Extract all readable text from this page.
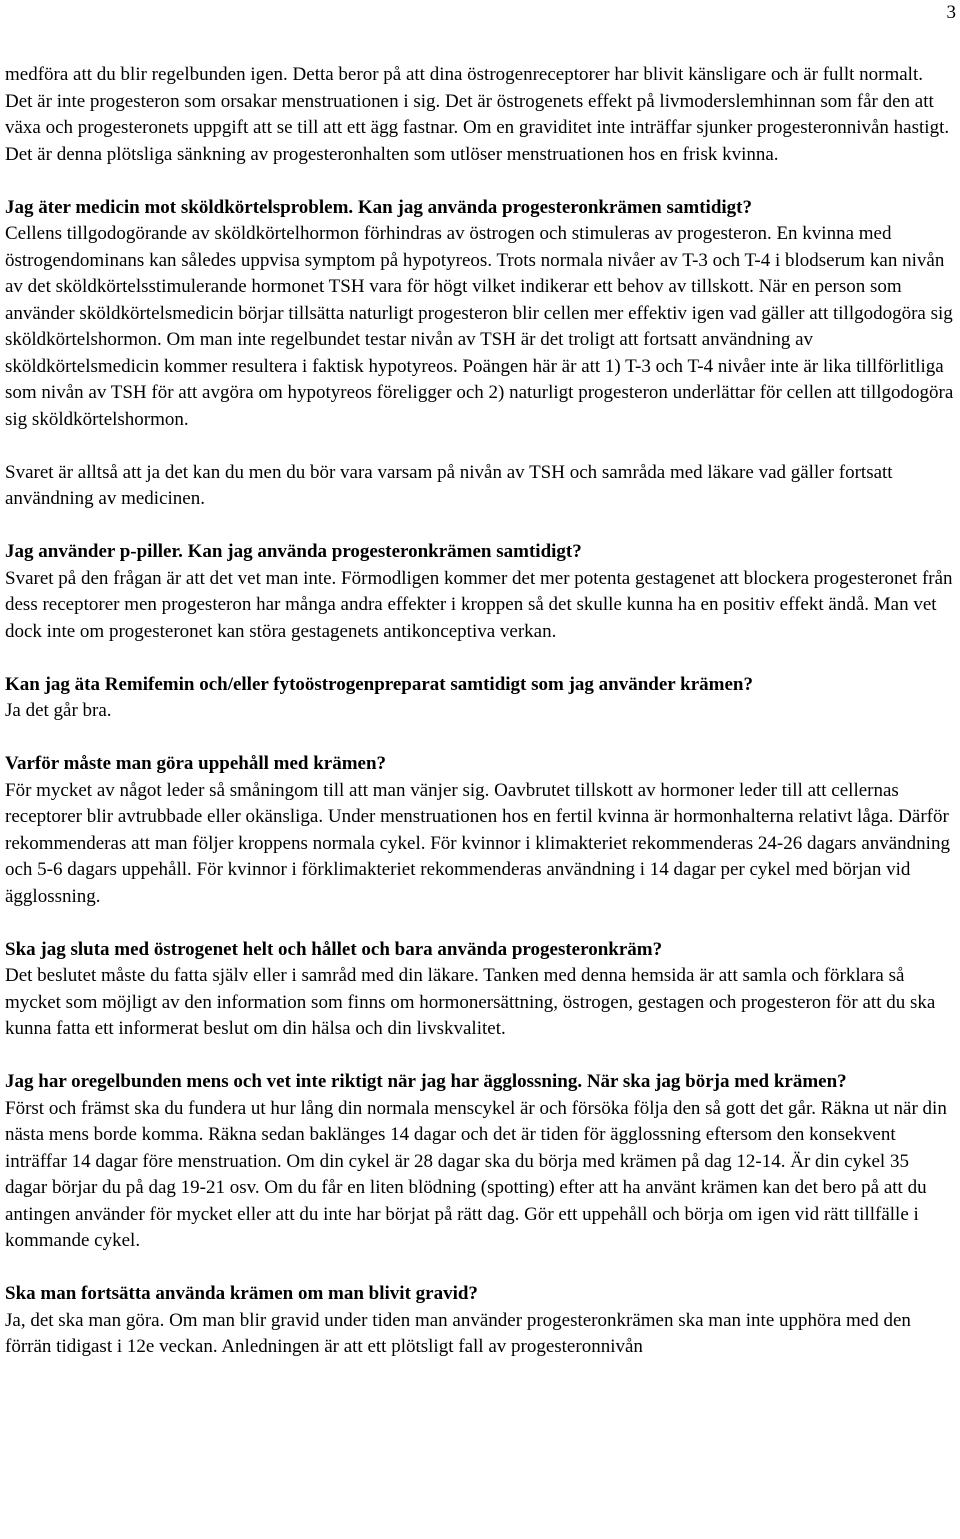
3

medföra att du blir regelbunden igen. Detta beror på att dina östrogenreceptorer har blivit känsligare och är fullt normalt. Det är inte progesteron som orsakar menstruationen i sig. Det är östrogenets effekt på livmoderslemhinnan som får den att växa och progesteronets uppgift att se till att ett ägg fastnar. Om en graviditet inte inträffar sjunker progesteronnivån hastigt. Det är denna plötsliga sänkning av progesteronhalten som utlöser menstruationen hos en frisk kvinna.

Jag äter medicin mot sköldkörtelsproblem. Kan jag använda progesteronkrämen samtidigt?

Cellens tillgodogörande av sköldkörtelhormon förhindras av östrogen och stimuleras av progesteron. En kvinna med östrogendominans kan således uppvisa symptom på hypotyreos. Trots normala nivåer av T-3 och T-4 i blodserum kan nivån av det sköldkörtelsstimulerande hormonet TSH vara för högt vilket indikerar ett behov av tillskott. När en person som använder sköldkörtelsmedicin börjar tillsätta naturligt progesteron blir cellen mer effektiv igen vad gäller att tillgodogöra sig sköldkörtelshormon. Om man inte regelbundet testar nivån av TSH är det troligt att fortsatt användning av sköldkörtelsmedicin kommer resultera i faktisk hypotyreos. Poängen här är att 1) T-3 och T-4 nivåer inte är lika tillförlitliga som nivån av TSH för att avgöra om hypotyreos föreligger och 2) naturligt progesteron underlättar för cellen att tillgodogöra sig sköldkörtelshormon.

Svaret är alltså att ja det kan du men du bör vara varsam på nivån av TSH och samråda med läkare vad gäller fortsatt användning av medicinen.

Jag använder p-piller. Kan jag använda progesteronkrämen samtidigt?

Svaret på den frågan är att det vet man inte. Förmodligen kommer det mer potenta gestagenet att blockera progesteronet från dess receptorer men progesteron har många andra effekter i kroppen så det skulle kunna ha en positiv effekt ändå. Man vet dock inte om progesteronet kan störa gestagenets antikonceptiva verkan.

Kan jag äta Remifemin och/eller fytoöstrogenpreparat samtidigt som jag använder krämen?

Ja det går bra.

Varför måste man göra uppehåll med krämen?

För mycket av något leder så småningom till att man vänjer sig. Oavbrutet tillskott av hormoner leder till att cellernas receptorer blir avtrubbade eller okänsliga. Under menstruationen hos en fertil kvinna är hormonhalterna relativt låga. Därför rekommenderas att man följer kroppens normala cykel. För kvinnor i klimakteriet rekommenderas 24-26 dagars användning och 5-6 dagars uppehåll. För kvinnor i förklimakteriet rekommenderas användning i 14 dagar per cykel med början vid ägglossning.

Ska jag sluta med östrogenet helt och hållet och bara använda progesteronkräm?

Det beslutet måste du fatta själv eller i samråd med din läkare. Tanken med denna hemsida är att samla och förklara så mycket som möjligt av den information som finns om hormonersättning, östrogen, gestagen och progesteron för att du ska kunna fatta ett informerat beslut om din hälsa och din livskvalitet.

Jag har oregelbunden mens och vet inte riktigt när jag har ägglossning. När ska jag börja med krämen?

Först och främst ska du fundera ut hur lång din normala menscykel är och försöka följa den så gott det går. Räkna ut när din nästa mens borde komma. Räkna sedan baklänges 14 dagar och det är tiden för ägglossning eftersom den konsekvent inträffar 14 dagar före menstruation. Om din cykel är 28 dagar ska du börja med krämen på dag 12-14. Är din cykel 35 dagar börjar du på dag 19-21 osv. Om du får en liten blödning (spotting) efter att ha använt krämen kan det bero på att du antingen använder för mycket eller att du inte har börjat på rätt dag. Gör ett uppehåll och börja om igen vid rätt tillfälle i kommande cykel.

Ska man fortsätta använda krämen om man blivit gravid?

Ja, det ska man göra. Om man blir gravid under tiden man använder progesteronkrämen ska man inte upphöra med den förrän tidigast i 12e veckan. Anledningen är att ett plötsligt fall av progesteronnivån
